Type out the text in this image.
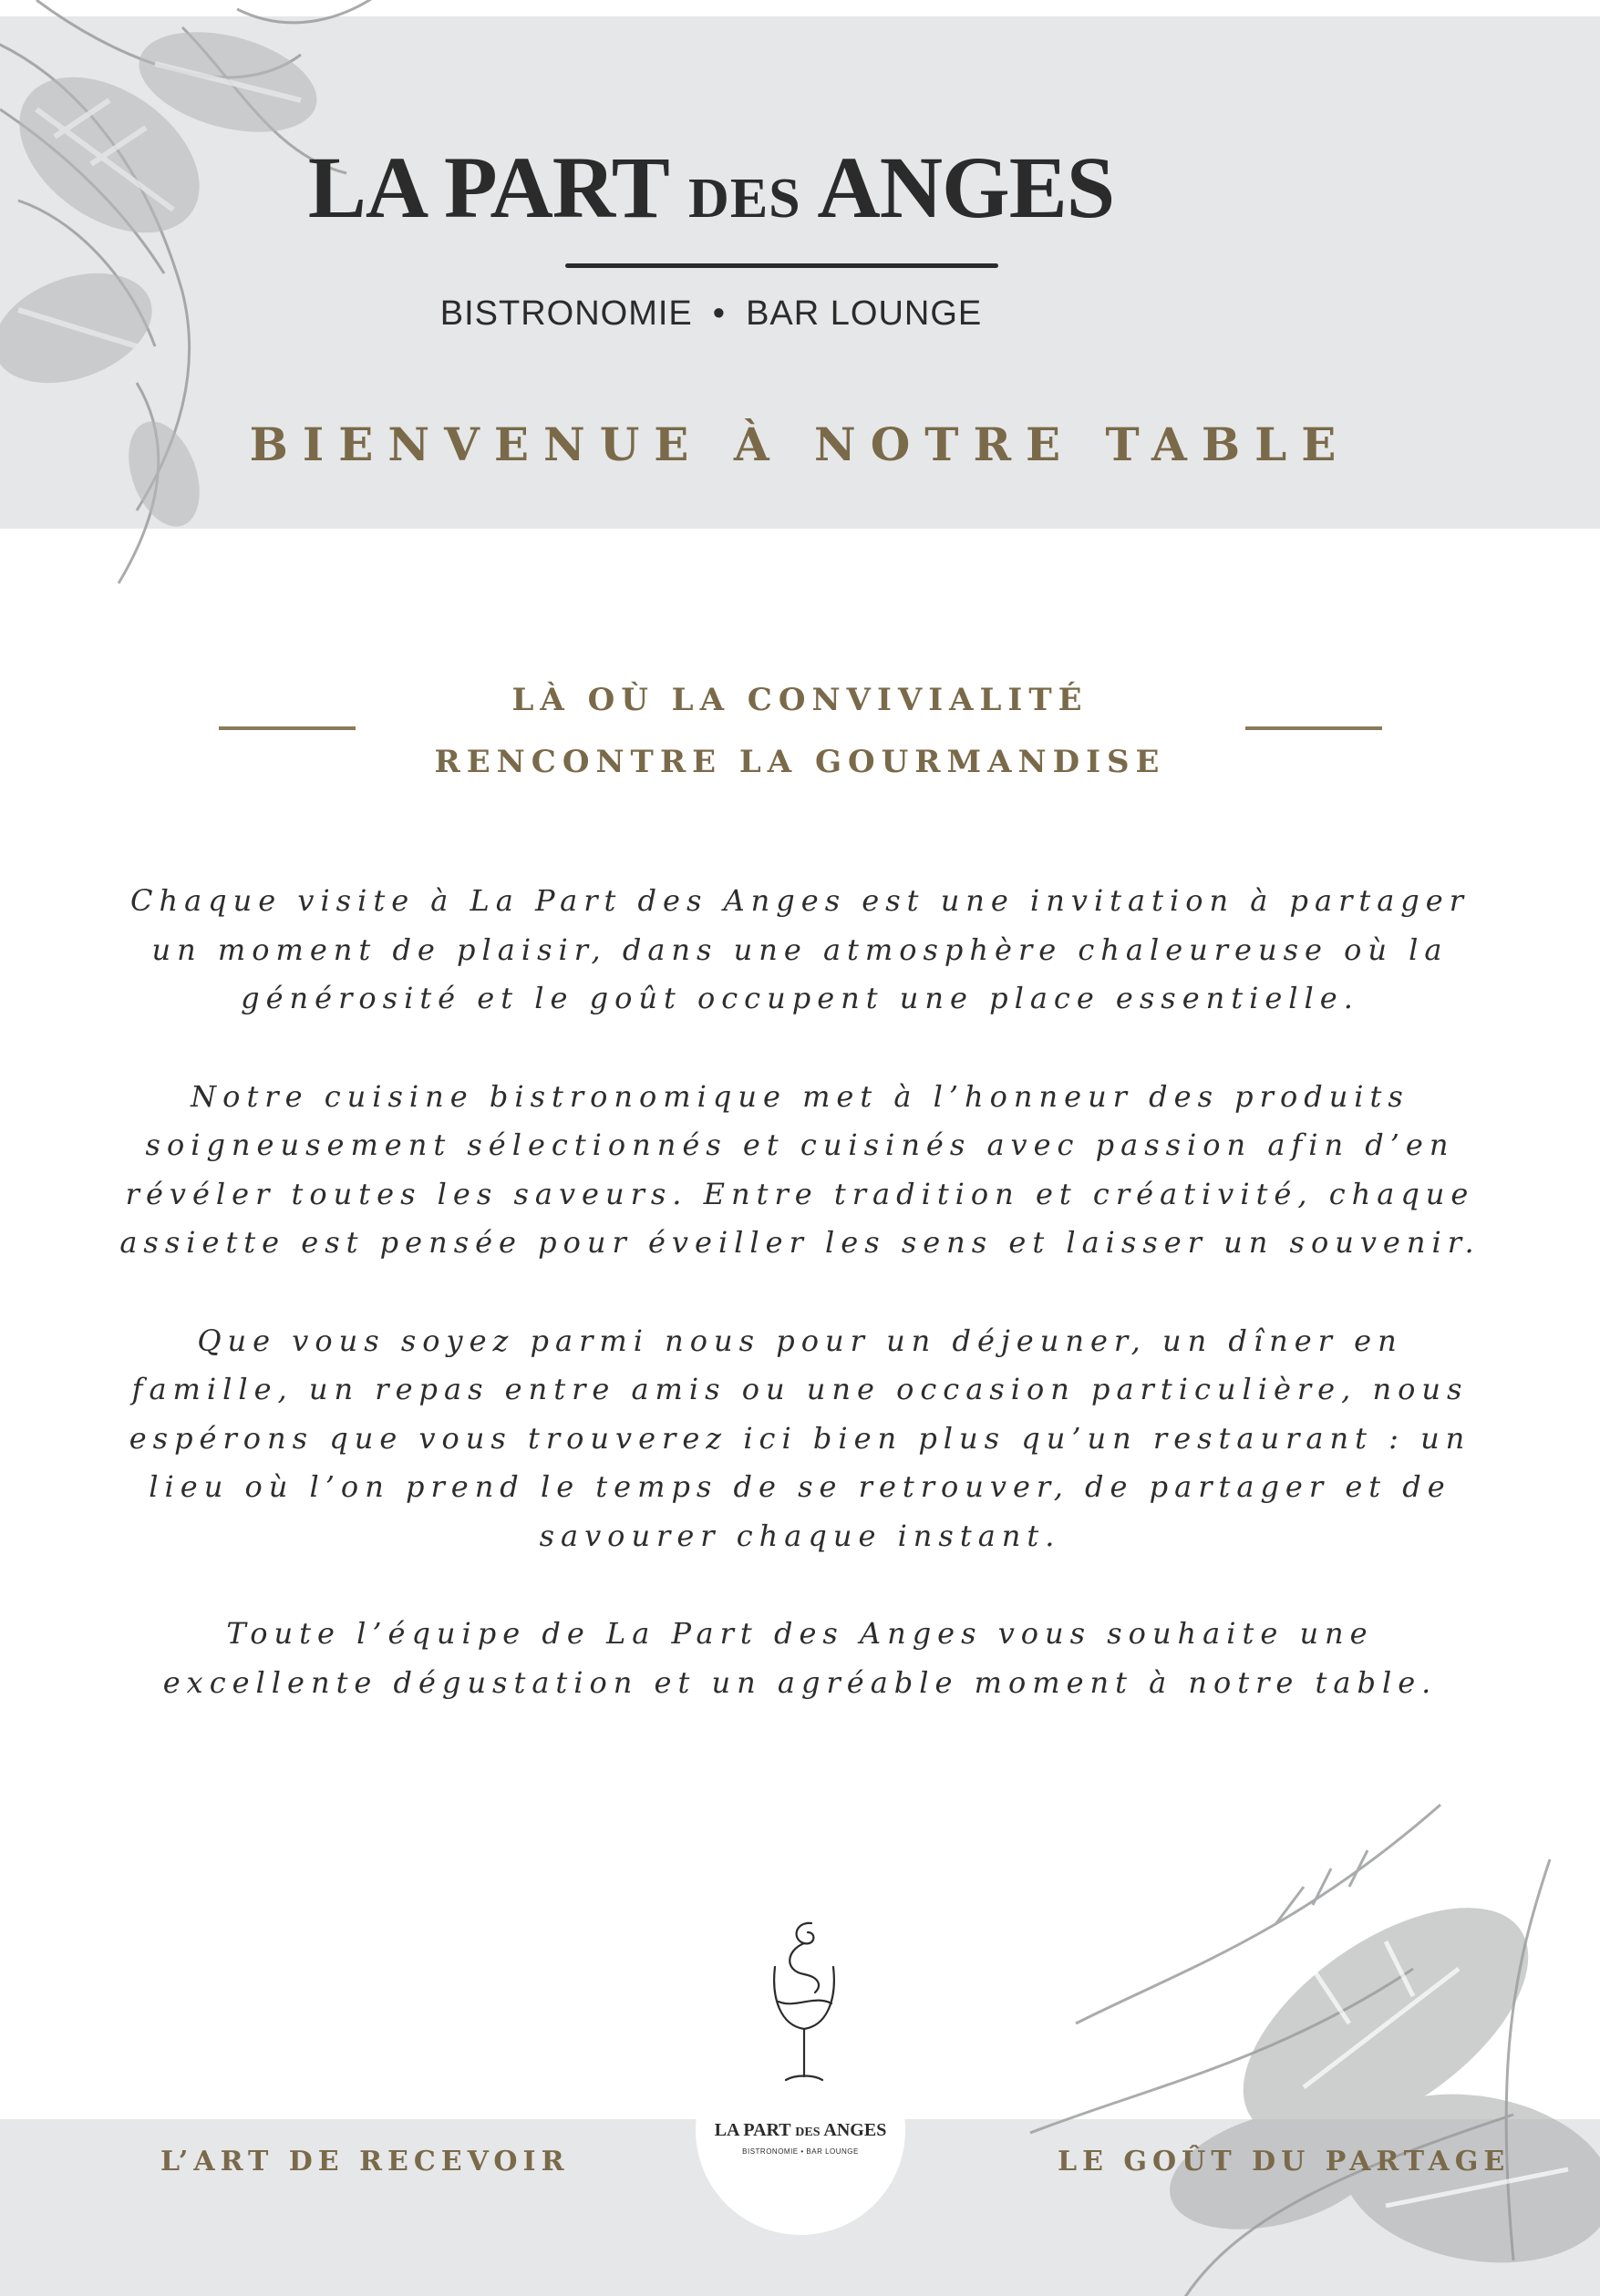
LA PART DES ANGES
BISTRONOMIE • BAR LOUNGE
BIENVENUE À NOTRE TABLE
LÀ OÙ LA CONVIVIALITÉ
RENCONTRE LA GOURMANDISE

Chaque visite à La Part des Anges est une invitation à partager
un moment de plaisir, dans une atmosphère chaleureuse où la
générosité et le goût occupent une place essentielle.

Notre cuisine bistronomique met à l’honneur des produits
soigneusement sélectionnés et cuisinés avec passion afin d’en
révéler toutes les saveurs. Entre tradition et créativité, chaque
assiette est pensée pour éveiller les sens et laisser un souvenir.

Que vous soyez parmi nous pour un déjeuner, un dîner en
famille, un repas entre amis ou une occasion particulière, nous
espérons que vous trouverez ici bien plus qu’un restaurant : un
lieu où l’on prend le temps de se retrouver, de partager et de
savourer chaque instant.

Toute l’équipe de La Part des Anges vous souhaite une
excellente dégustation et un agréable moment à notre table.

L’ART DE RECEVOIR	LE GOÛT DU PARTAGE
LA PART DES ANGES
BISTRONOMIE • BAR LOUNGE
